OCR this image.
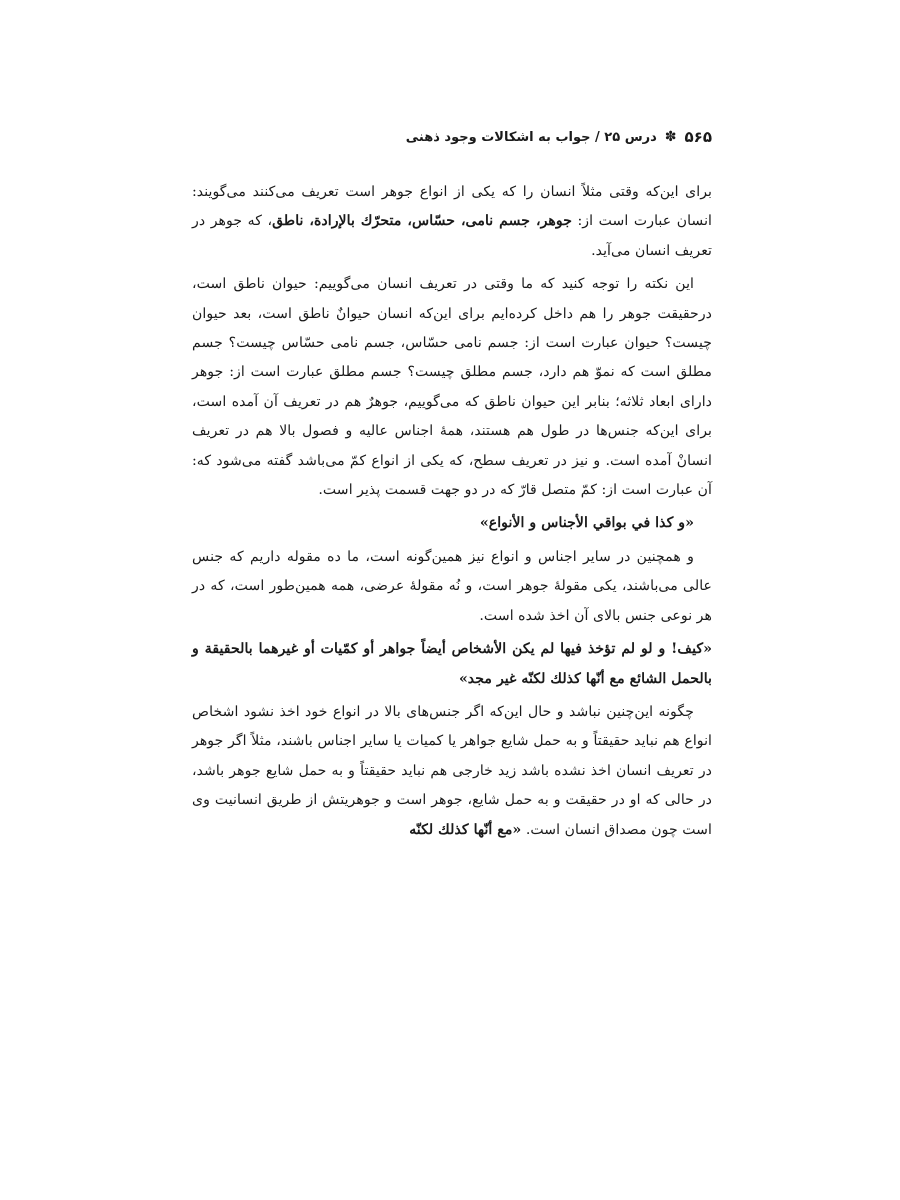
درس ۲۵ / جواب به اشکالات وجود ذهنی ✽ ۵۶۵

برای این‌که وقتی مثلاً انسان را که یکی از انواع جوهر است تعریف می‌کنند می‌گویند: انسان عبارت است از: جوهر، جسم نامی، حسّاس، متحرّك بالإرادة، ناطق، که جوهر در تعریف انسان می‌آید.

این نکته را توجه کنید که ما وقتی در تعریف انسان می‌گوییم: حیوان ناطق است، درحقیقت جوهر را هم داخل کرده‌ایم برای این‌که انسان حیوانٌ ناطق است، بعد حیوان چیست؟ حیوان عبارت است از: جسم نامی حسّاس، جسم نامی حسّاس چیست؟ جسم مطلق است که نموّ هم دارد، جسم مطلق چیست؟ جسم مطلق عبارت است از: جوهر دارای ابعاد ثلاثه؛ بنابر این حیوان ناطق که می‌گوییم، جوهرٌ هم در تعریف آن آمده است، برای این‌که جنس‌ها در طول هم هستند، همهٔ اجناس عالیه و فصول بالا هم در تعریف انسانْ آمده است. و نیز در تعریف سطح، که یکی از انواع کمّ می‌باشد گفته می‌شود که: آن عبارت است از: کمّ متصل قارّ که در دو جهت قسمت پذیر است.

«و كذا في بواقي الأجناس و الأنواع»

و همچنین در سایر اجناس و انواع نیز همین‌گونه است، ما ده مقوله داریم که جنس عالی می‌باشند، یکی مقولهٔ جوهر است، و نُه مقولهٔ عرضی، همه همین‌طور است، که در هر نوعی جنس بالای آن اخذ شده است.

«كيف! و لو لم تؤخذ فيها لم يكن الأشخاص أيضاً جواهر أو كمّيات أو غيرهما بالحقيقة و بالحمل الشائع مع أنّها كذلك لكنّه غير مجد»

چگونه این‌چنین نباشد و حال این‌که اگر جنس‌های بالا در انواع خود اخذ نشود اشخاص انواع هم نباید حقیقتاً و به حمل شایع جواهر یا کمیات یا سایر اجناس باشند، مثلاً اگر جوهر در تعریف انسان اخذ نشده باشد زید خارجی هم نباید حقیقتاً و به حمل شایع جوهر باشد، در حالی که او در حقیقت و به حمل شایع، جوهر است و جوهریتش از طریق انسانیت وی است چون مصداق انسان است. «مع أنّها كذلك لكنّه
